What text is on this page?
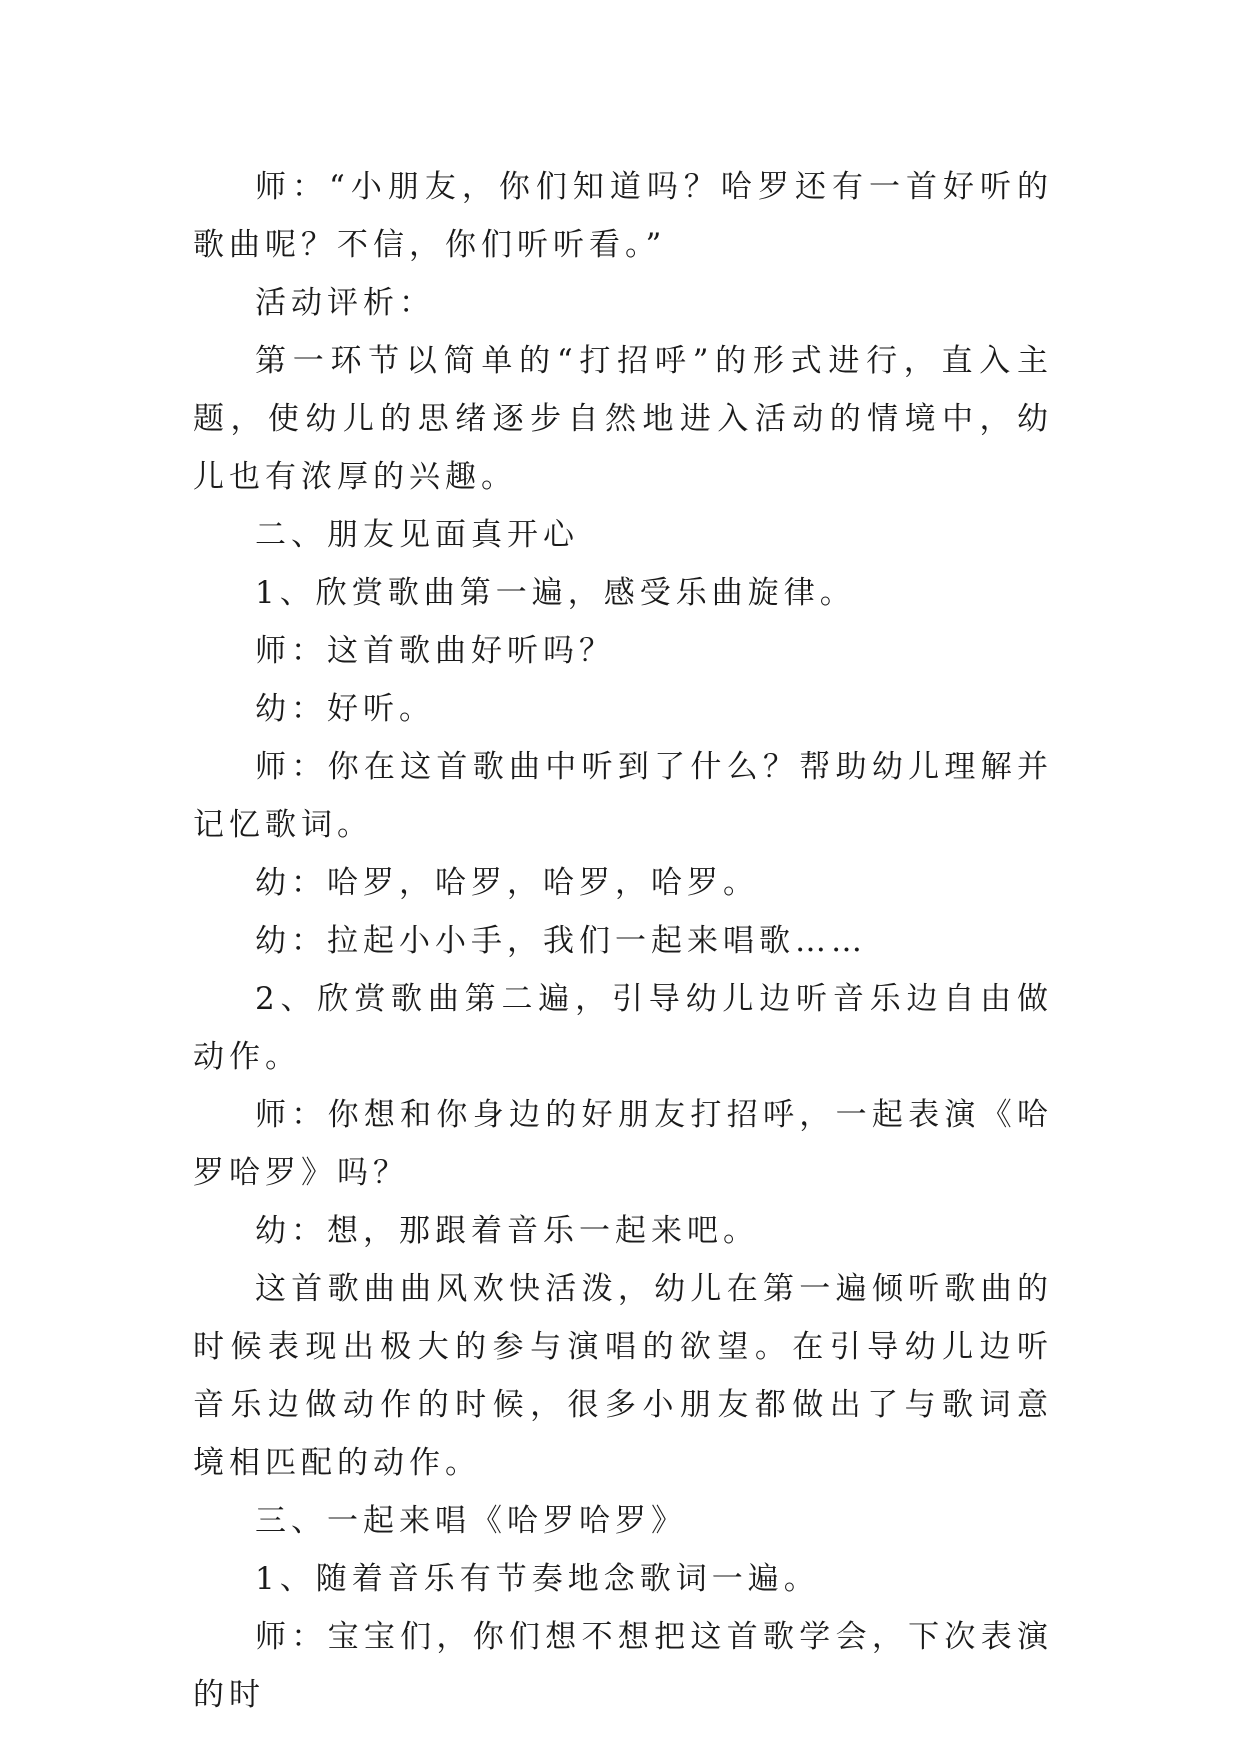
师：“小朋友，你们知道吗？哈罗还有一首好听的歌曲呢？不信，你们听听看。”

活动评析：

第一环节以简单的“打招呼”的形式进行，直入主题，使幼儿的思绪逐步自然地进入活动的情境中，幼儿也有浓厚的兴趣。

二、朋友见面真开心

1、欣赏歌曲第一遍，感受乐曲旋律。

师：这首歌曲好听吗？

幼：好听。

师：你在这首歌曲中听到了什么？帮助幼儿理解并记忆歌词。

幼：哈罗，哈罗，哈罗，哈罗。

幼：拉起小小手，我们一起来唱歌……

2、欣赏歌曲第二遍，引导幼儿边听音乐边自由做动作。

师：你想和你身边的好朋友打招呼，一起表演《哈罗哈罗》吗？

幼：想，那跟着音乐一起来吧。

这首歌曲曲风欢快活泼，幼儿在第一遍倾听歌曲的时候表现出极大的参与演唱的欲望。在引导幼儿边听音乐边做动作的时候，很多小朋友都做出了与歌词意境相匹配的动作。

三、一起来唱《哈罗哈罗》

1、随着音乐有节奏地念歌词一遍。

师：宝宝们，你们想不想把这首歌学会，下次表演的时
